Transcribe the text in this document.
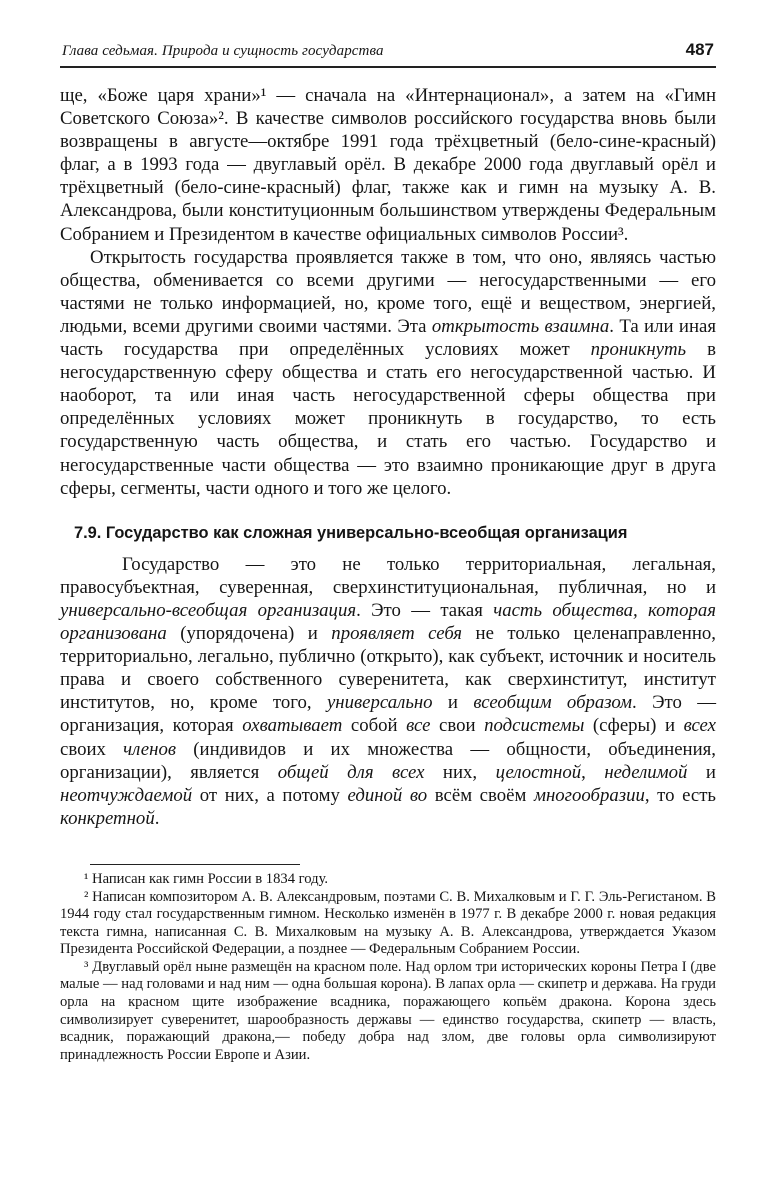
Глава седьмая. Природа и сущность государства	487

ще, «Боже царя храни»¹ — сначала на «Интернационал», а затем на «Гимн Советского Союза»². В качестве символов российского государства вновь были возвращены в августе—октябре 1991 года трёхцветный (бело-сине-красный) флаг, а в 1993 года — двуглавый орёл. В декабре 2000 года двуглавый орёл и трёхцветный (бело-сине-красный) флаг, также как и гимн на музыку А. В. Александрова, были конституционным большинством утверждены Федеральным Собранием и Президентом в качестве официальных символов России³.

Открытость государства проявляется также в том, что оно, являясь частью общества, обменивается со всеми другими — негосударственными — его частями не только информацией, но, кроме того, ещё и веществом, энергией, людьми, всеми другими своими частями. Эта открытость взаимна. Та или иная часть государства при определённых условиях может проникнуть в негосударственную сферу общества и стать его негосударственной частью. И наоборот, та или иная часть негосударственной сферы общества при определённых условиях может проникнуть в государство, то есть государственную часть общества, и стать его частью. Государство и негосударственные части общества — это взаимно проникающие друг в друга сферы, сегменты, части одного и того же целого.

7.9. Государство как сложная универсально-всеобщая организация

Государство — это не только территориальная, легальная, правосубъектная, суверенная, сверхинституциональная, публичная, но и универсально-всеобщая организация. Это — такая часть общества, которая организована (упорядочена) и проявляет себя не только целенаправленно, территориально, легально, публично (открыто), как субъект, источник и носитель права и своего собственного суверенитета, как сверхинститут, институт институтов, но, кроме того, универсально и всеобщим образом. Это — организация, которая охватывает собой все свои подсистемы (сферы) и всех своих членов (индивидов и их множества — общности, объединения, организации), является общей для всех них, целостной, неделимой и неотчуждаемой от них, а потому единой во всём своём многообразии, то есть конкретной.

¹ Написан как гимн России в 1834 году.

² Написан композитором А. В. Александровым, поэтами С. В. Михалковым и Г. Г. Эль-Регистаном. В 1944 году стал государственным гимном. Несколько изменён в 1977 г. В декабре 2000 г. новая редакция текста гимна, написанная С. В. Михалковым на музыку А. В. Александрова, утверждается Указом Президента Российской Федерации, а позднее — Федеральным Собранием России.

³ Двуглавый орёл ныне размещён на красном поле. Над орлом три исторических короны Петра I (две малые — над головами и над ним — одна большая корона). В лапах орла — скипетр и держава. На груди орла на красном щите изображение всадника, поражающего копьём дракона. Корона здесь символизирует суверенитет, шарообразность державы — единство государства, скипетр — власть, всадник, поражающий дракона,— победу добра над злом, две головы орла символизируют принадлежность России Европе и Азии.
